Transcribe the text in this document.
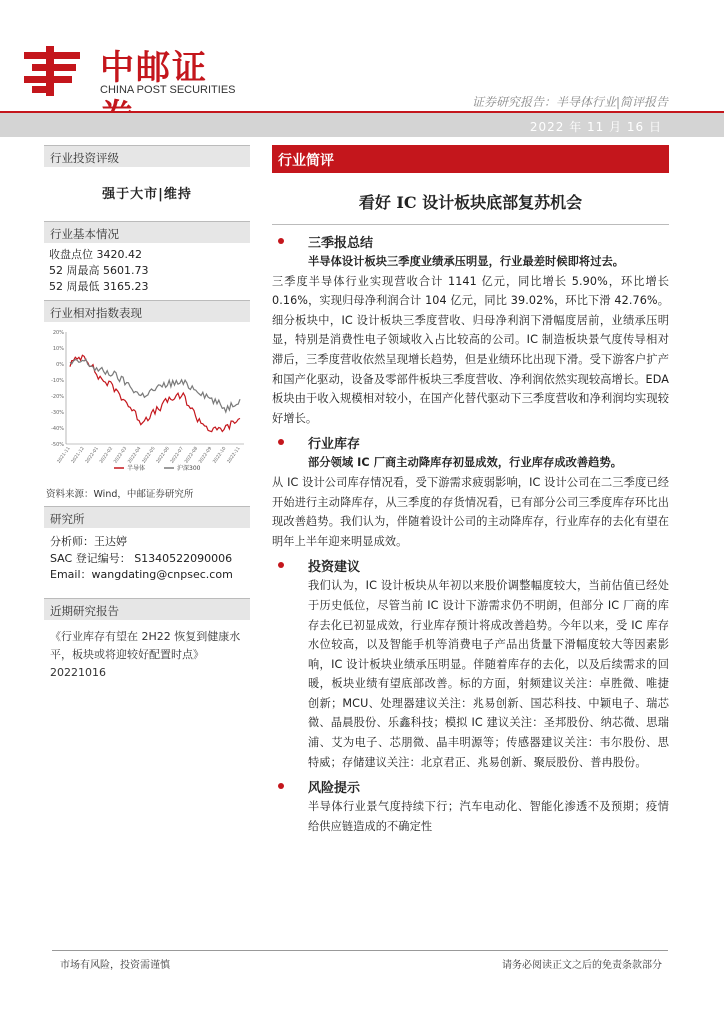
中邮证
CHINA POST SECURITIES
证券研究报告：半导体行业|简评报告
2022 年 11 月 16 日
行业投资评级
强于大市|维持
行业基本情况
收盘点位 3420.42
52 周最高 5601.73
52 周最低 3165.23
行业相对指数表现
-50%
-40%
-30%
-20%
-10%
0%
10%
20%
2021-11 2021-12 2022-01 2022-02 2022-03 2022-04 2022-05 2022-06 2022-07 2022-08 2022-09 2022-10 2022-11
半导体	沪深300
资料来源：Wind，中邮证券研究所
研究所
分析师：王达婷
SAC 登记编号： S1340522090006
Email：wangdating@cnpsec.com
近期研究报告
《行业库存有望在 2H22 恢复到健康水平，板块或将迎较好配置时点》
20221016
行业简评
看好 IC 设计板块底部复苏机会
三季报总结
半导体设计板块三季度业绩承压明显，行业最差时候即将过去。
三季度半导体行业实现营收合计 1141 亿元，同比增长 5.90%，环比增长 0.16%，实现归母净利润合计 104 亿元，同比 39.02%，环比下滑 42.76%。细分板块中，IC 设计板块三季度营收、归母净利润下滑幅度居前，业绩承压明显，特别是消费性电子领域收入占比较高的公司。IC 制造板块景气度传导相对滞后，三季度营收依然呈现增长趋势，但是业绩环比出现下滑。受下游客户扩产和国产化驱动，设备及零部件板块三季度营收、净利润依然实现较高增长。EDA 板块由于收入规模相对较小，在国产化替代驱动下三季度营收和净利润均实现较好增长。
行业库存
部分领域 IC 厂商主动降库存初显成效，行业库存成改善趋势。
从 IC 设计公司库存情况看，受下游需求疲弱影响，IC 设计公司在二三季度已经开始进行主动降库存，从三季度的存货情况看，已有部分公司三季度库存环比出现改善趋势。我们认为，伴随着设计公司的主动降库存，行业库存的去化有望在明年上半年迎来明显成效。
投资建议
我们认为，IC 设计板块从年初以来股价调整幅度较大，当前估值已经处于历史低位，尽管当前 IC 设计下游需求仍不明朗，但部分 IC 厂商的库存去化已初显成效，行业库存预计将成改善趋势。今年以来，受 IC 库存水位较高，以及智能手机等消费电子产品出货量下滑幅度较大等因素影响，IC 设计板块业绩承压明显。伴随着库存的去化，以及后续需求的回暖，板块业绩有望底部改善。标的方面，射频建议关注：卓胜微、唯捷创新；MCU、处理器建议关注：兆易创新、国芯科技、中颖电子、瑞芯微、晶晨股份、乐鑫科技；模拟 IC 建议关注：圣邦股份、纳芯微、思瑞浦、艾为电子、芯朋微、晶丰明源等；传感器建议关注：韦尔股份、思特威；存储建议关注：北京君正、兆易创新、聚辰股份、普冉股份。
风险提示
半导体行业景气度持续下行；汽车电动化、智能化渗透不及预期；疫情给供应链造成的不确定性
市场有风险，投资需谨慎	请务必阅读正文之后的免责条款部分
